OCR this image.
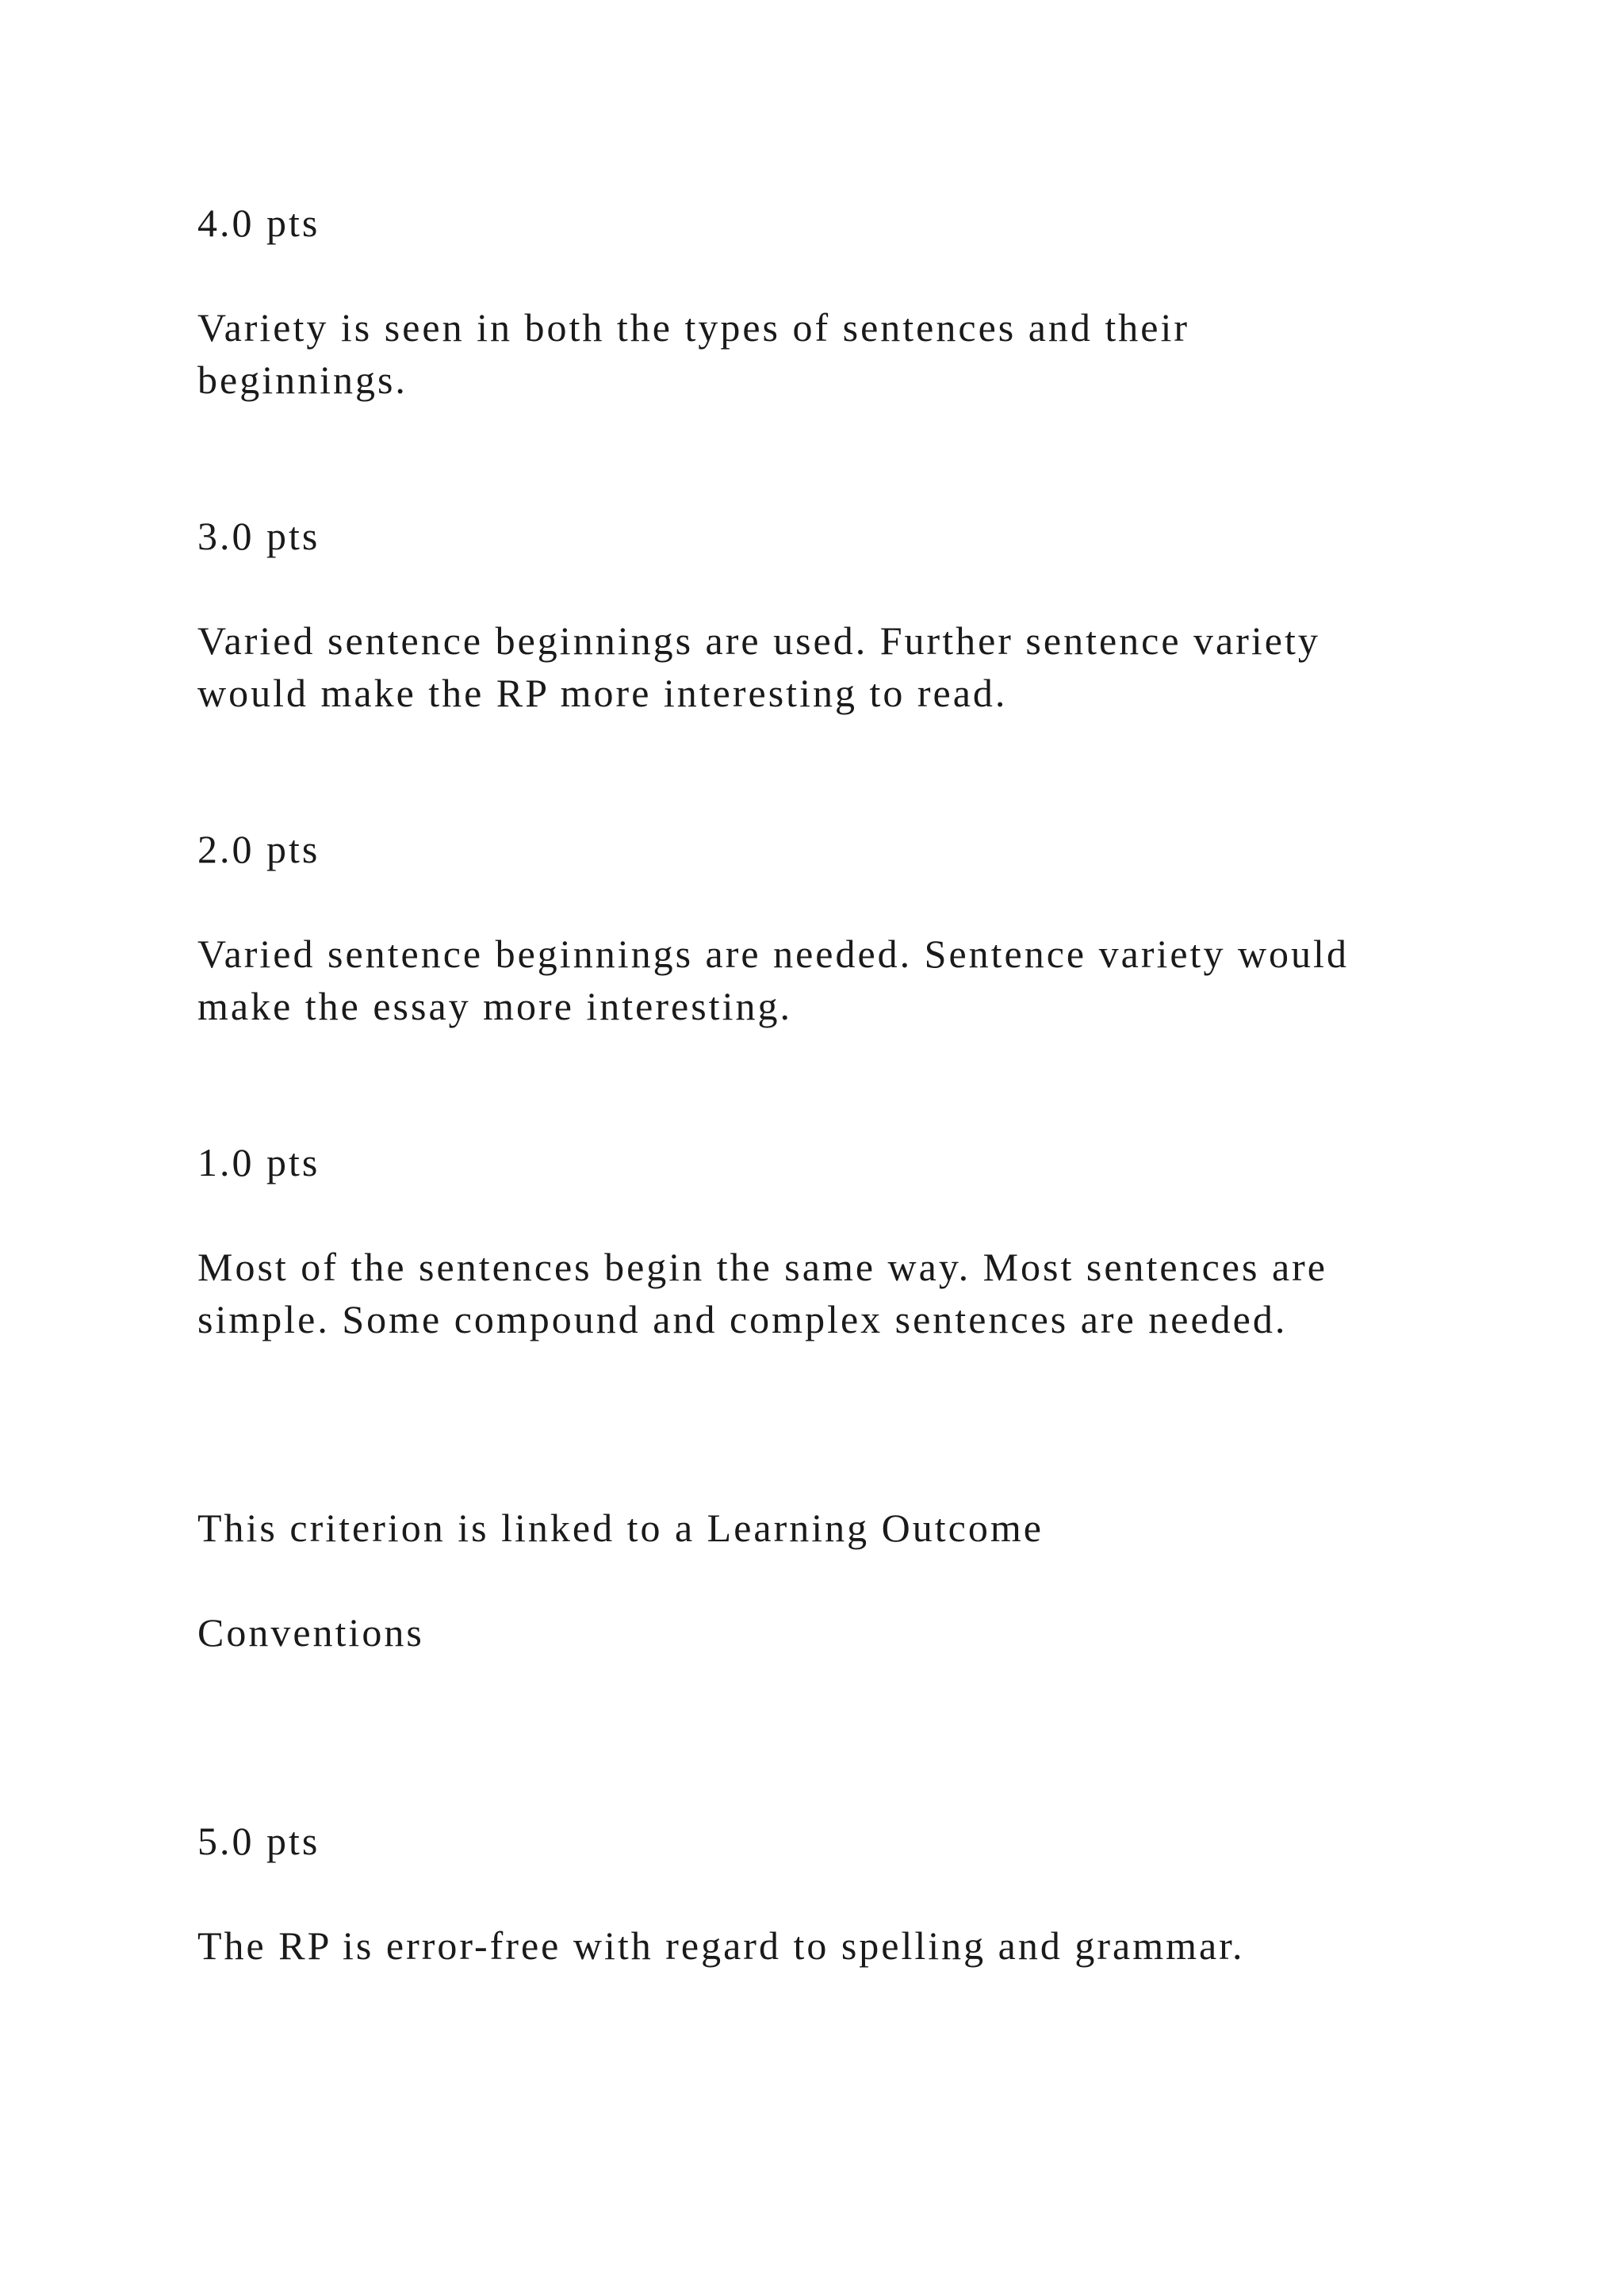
4.0 pts

Variety is seen in both the types of sentences and their

beginnings.

3.0 pts

Varied sentence beginnings are used. Further sentence variety

would make the RP more interesting to read.

2.0 pts

Varied sentence beginnings are needed. Sentence variety would

make the essay more interesting.

1.0 pts

Most of the sentences begin the same way. Most sentences are

simple. Some compound and complex sentences are needed.

This criterion is linked to a Learning Outcome

Conventions

5.0 pts

The RP is error-free with regard to spelling and grammar.
